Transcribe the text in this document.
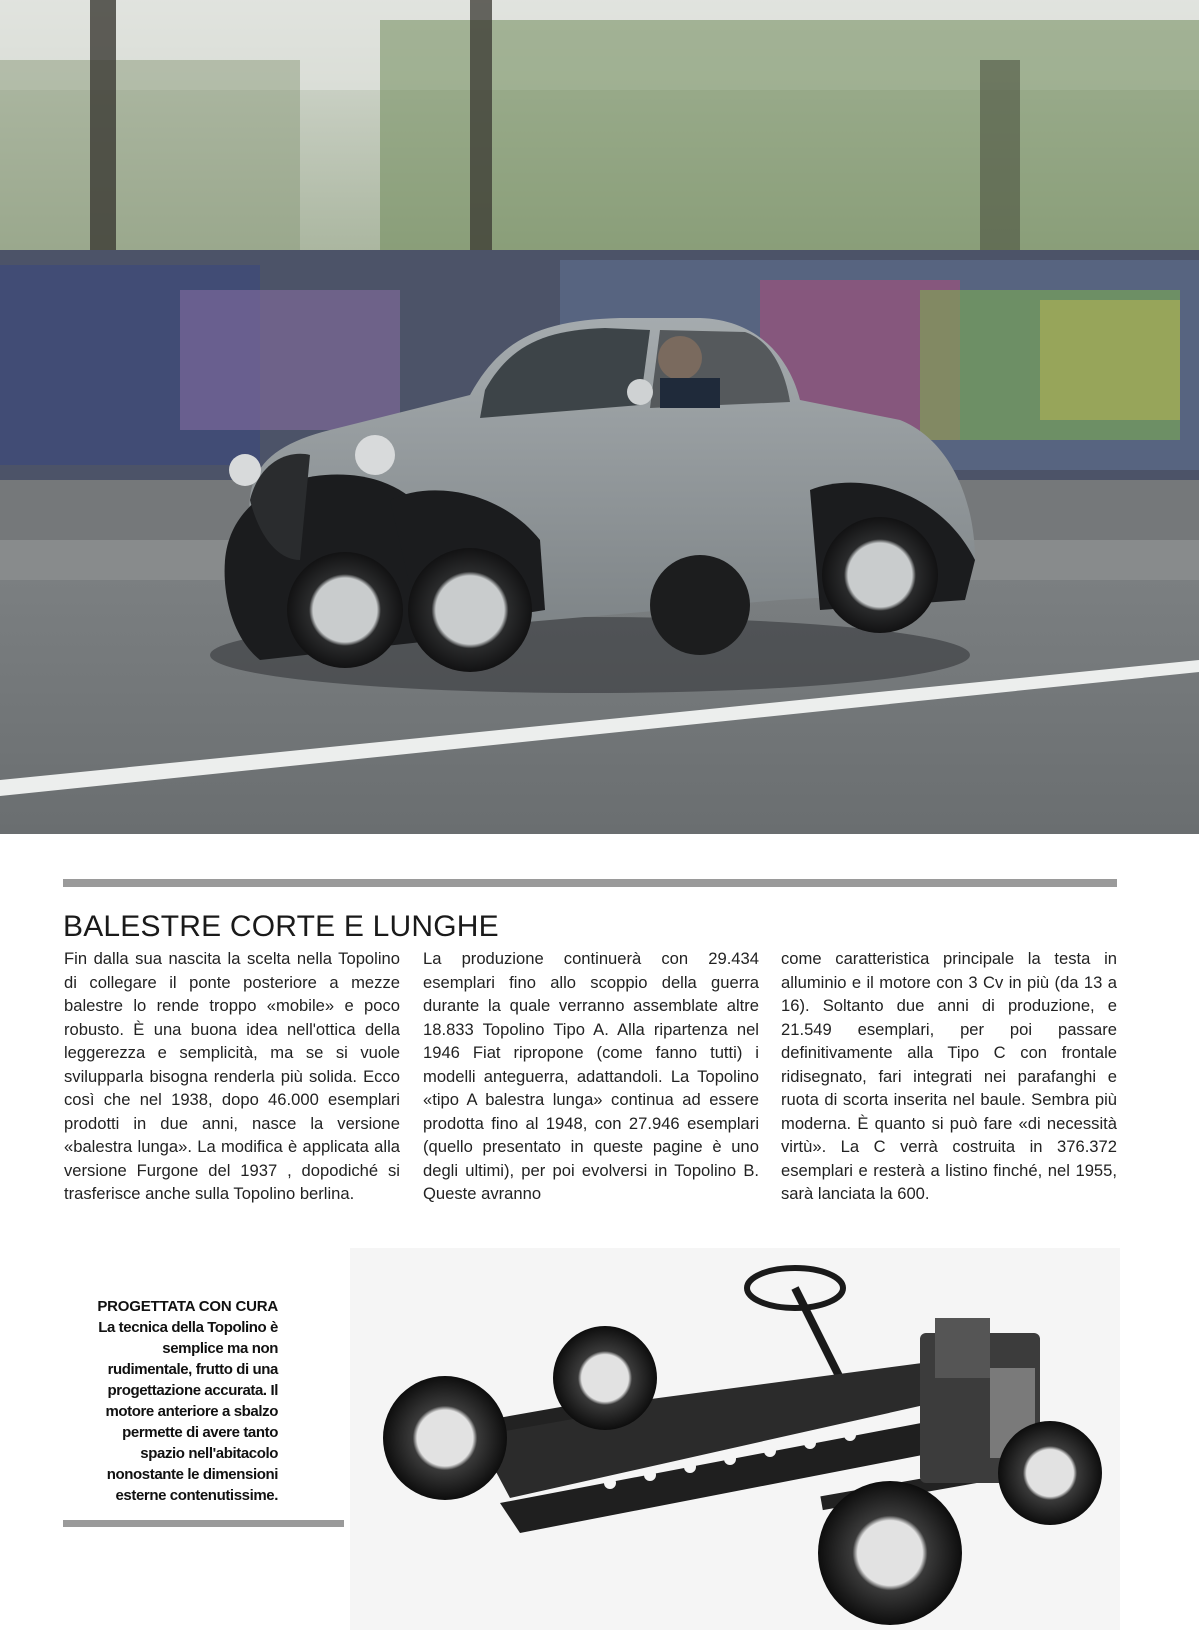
BALESTRE CORTE E LUNGHE

Fin dalla sua nascita la scelta nella Topolino di collegare il ponte posteriore a mezze balestre lo rende troppo «mobile» e poco robusto. È una buona idea nell'ottica della leggerezza e semplicità, ma se si vuole svilupparla bisogna renderla più solida. Ecco così che nel 1938, dopo 46.000 esemplari prodotti in due anni, nasce la versione «balestra lunga». La modifica è applicata alla versione Furgone del 1937 , dopodiché si trasferisce anche sulla Topolino berlina.

La produzione continuerà con 29.434 esemplari fino allo scoppio della guerra durante la quale verranno assemblate altre 18.833 Topolino Tipo A. Alla ripartenza nel 1946 Fiat ripropone (come fanno tutti) i modelli anteguerra, adattandoli. La Topolino «tipo A balestra lunga» continua ad essere prodotta fino al 1948, con 27.946 esemplari (quello presentato in queste pagine è uno degli ultimi), per poi evolversi in Topolino B. Queste avranno

come caratteristica principale la testa in alluminio e il motore con 3 Cv in più (da 13 a 16). Soltanto due anni di produzione, e 21.549 esemplari, per poi passare definitivamente alla Tipo C con frontale ridisegnato, fari integrati nei parafanghi e ruota di scorta inserita nel baule. Sembra più moderna. È quanto si può fare «di necessità virtù». La C verrà costruita in 376.372 esemplari e resterà a listino finché, nel 1955, sarà lanciata la 600.

PROGETTATA CON CURA
La tecnica della Topolino è semplice ma non rudimentale, frutto di una progettazione accurata. Il motore anteriore a sbalzo permette di avere tanto spazio nell'abitacolo nonostante le dimensioni esterne contenutissime.
